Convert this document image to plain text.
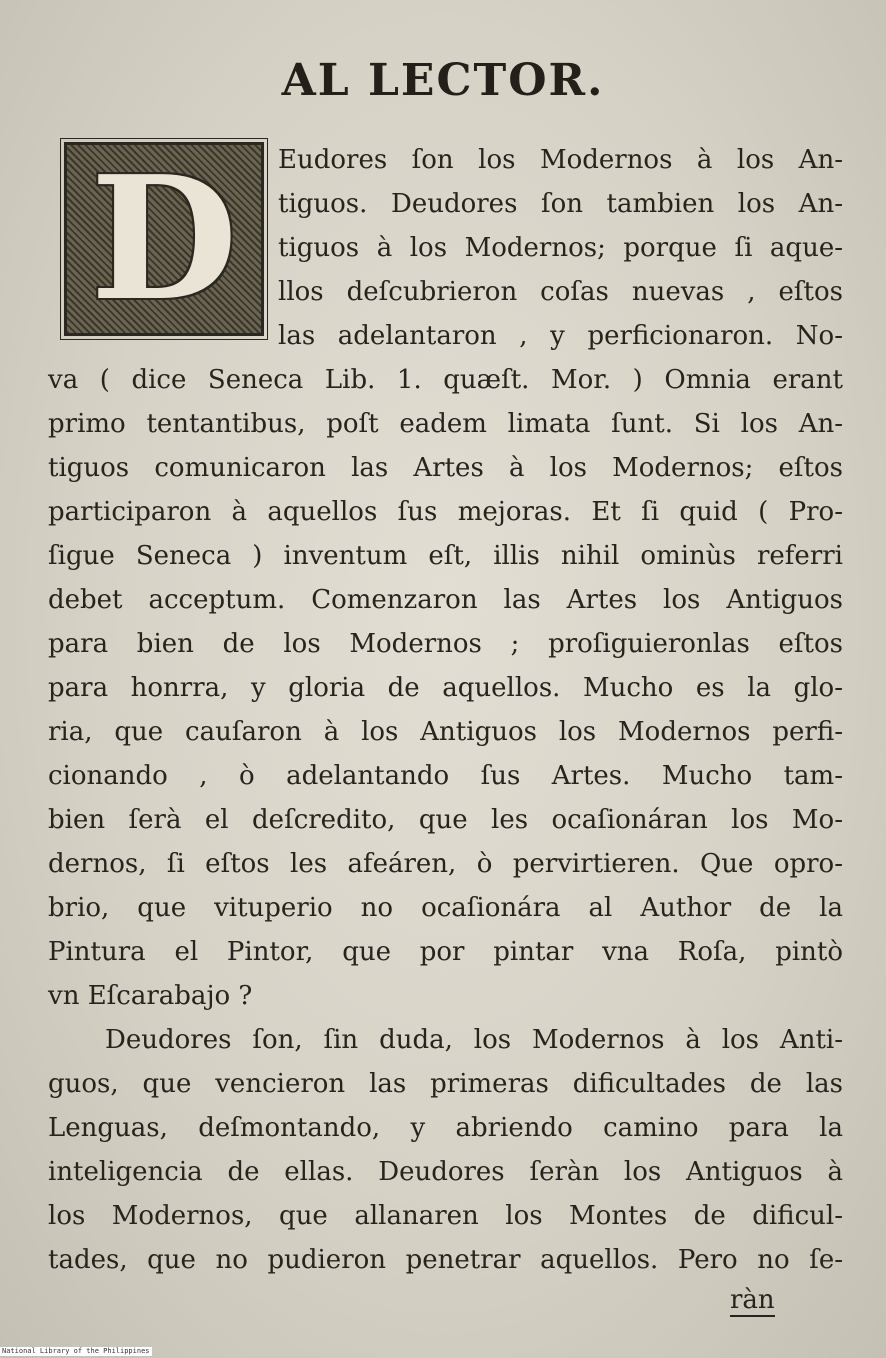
AL LECTOR.
D Eudores ſon los Modernos à los An-

tiguos. Deudores ſon tambien los An-

tiguos à los Modernos; porque ſi aque-

llos deſcubrieron coſas nuevas , eſtos

las adelantaron , y perficionaron. No-

va ( dice Seneca Lib. 1. quæſt. Mor. ) Omnia erant

primo tentantibus, poſt eadem limata ſunt. Si los An-

tiguos comunicaron las Artes à los Modernos; eſtos

participaron à aquellos ſus mejoras. Et ſi quid ( Pro-

ſigue Seneca ) inventum eſt, illis nihil ominùs referri

debet acceptum. Comenzaron las Artes los Antiguos

para bien de los Modernos ; proſiguieronlas eſtos

para honrra, y gloria de aquellos. Mucho es la glo-

ria, que cauſaron à los Antiguos los Modernos perfi-

cionando , ò adelantando ſus Artes. Mucho tam-

bien ſerà el deſcredito, que les ocaſionáran los Mo-

dernos, ſi eſtos les afeáren, ò pervirtieren. Que opro-

brio, que vituperio no ocaſionára al Author de la

Pintura el Pintor, que por pintar vna Roſa, pintò

vn Eſcarabajo ?

Deudores ſon, ſin duda, los Modernos à los Anti-

guos, que vencieron las primeras dificultades de las

Lenguas, deſmontando, y abriendo camino para la

inteligencia de ellas. Deudores ſeràn los Antiguos à

los Modernos, que allanaren los Montes de dificul-

tades, que no pudieron penetrar aquellos. Pero no ſe-

ràn
National Library of the Philippines
